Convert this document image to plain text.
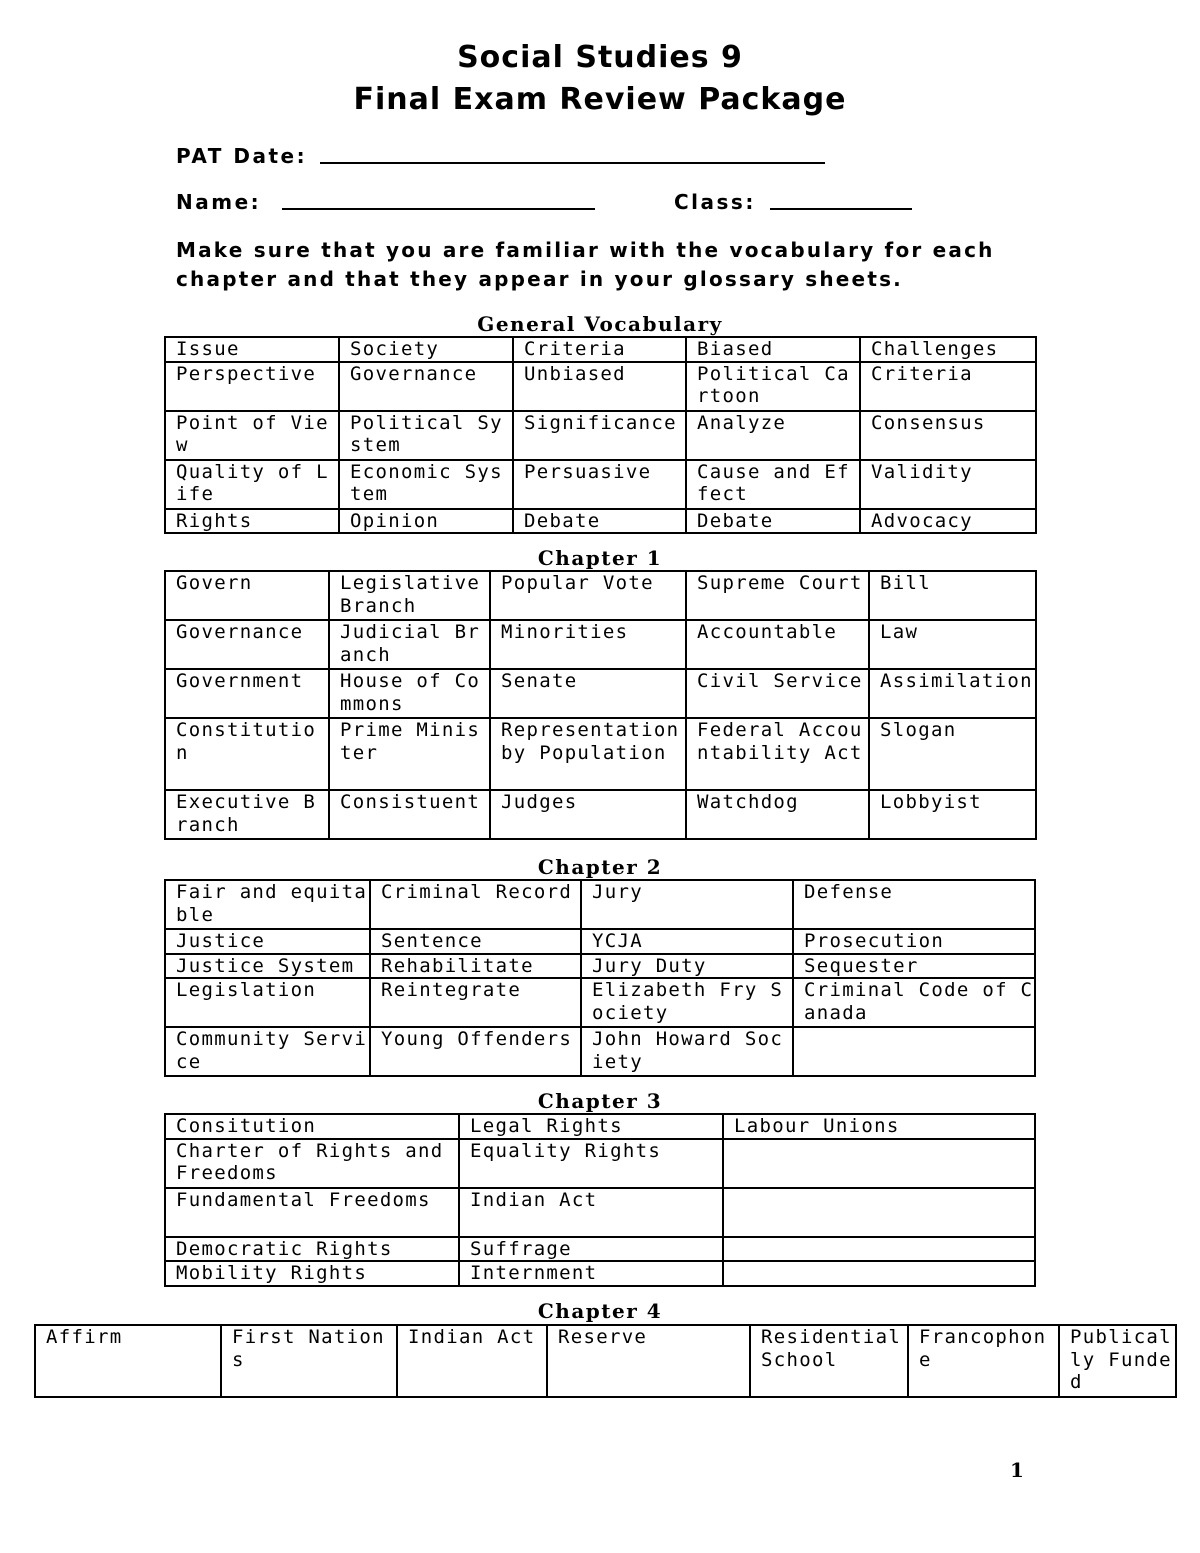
Social Studies 9
Final Exam Review Package
PAT Date:
Name:	Class:
Make sure that you are familiar with the vocabulary for each chapter and that they appear in your glossary sheets.
General Vocabulary
Issue	Society	Criteria	Biased	Challenges
Perspective	Governance	Unbiased	Political Cartoon	Criteria
Point of View	Political System	Significance	Analyze	Consensus
Quality of Life	Economic System	Persuasive	Cause and Effect	Validity
Rights	Opinion	Debate	Debate	Advocacy
Chapter 1
Govern	Legislative Branch	Popular Vote	Supreme Court	Bill
Governance	Judicial Branch	Minorities	Accountable	Law
Government	House of Commons	Senate	Civil Service	Assimilation
Constitution	Prime Minister	Representation by Population	Federal Accountability Act	Slogan
Executive Branch	Consistuent	Judges	Watchdog	Lobbyist
Chapter 2
Fair and equitable	Criminal Record	Jury	Defense
Justice	Sentence	YCJA	Prosecution
Justice System	Rehabilitate	Jury Duty	Sequester
Legislation	Reintegrate	Elizabeth Fry Society	Criminal Code of Canada
Community Service	Young Offenders	John Howard Society	
Chapter 3
Consitution	Legal Rights	Labour Unions
Charter of Rights and Freedoms	Equality Rights	
Fundamental Freedoms	Indian Act	
Democratic Rights	Suffrage	
Mobility Rights	Internment	
Chapter 4
Affirm	First Nations	Indian Act	Reserve	Residential School	Francophone	Publically Funded
1
